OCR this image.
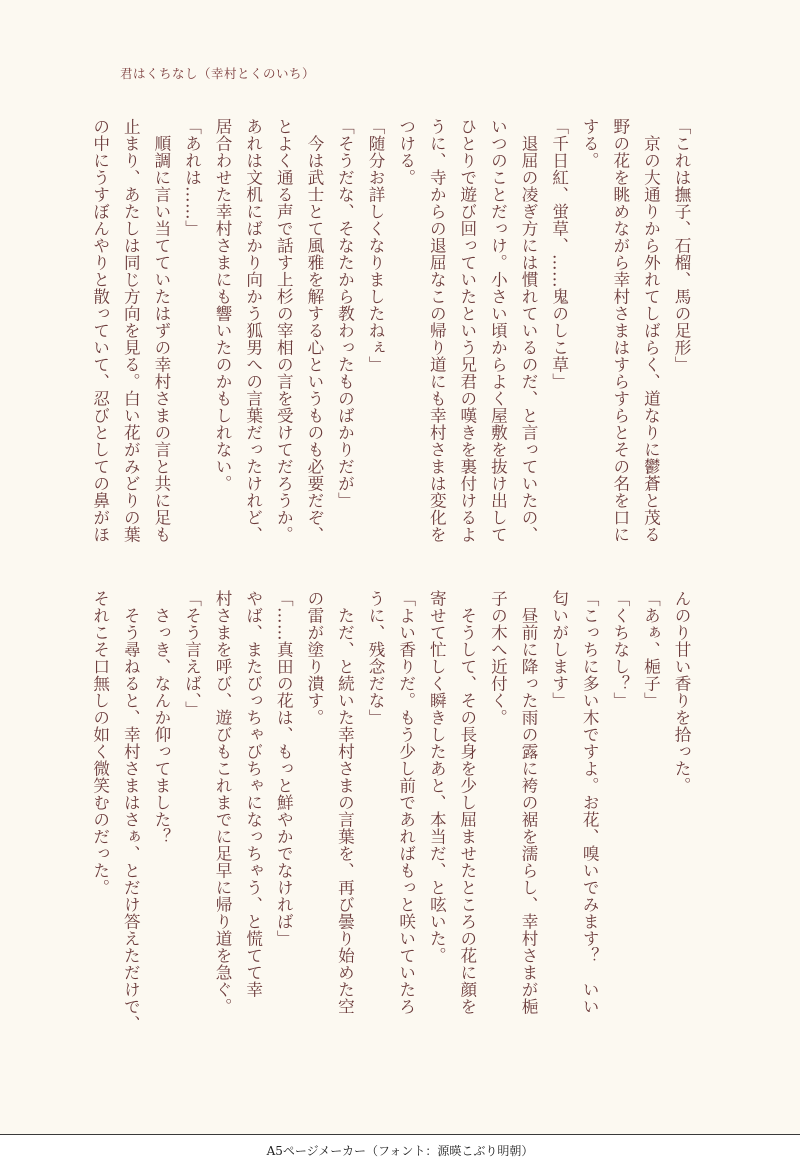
君はくちなし（幸村とくのいち）
「これは撫子、石榴、馬の足形」
　京の大通りから外れてしばらく、道なりに鬱蒼と茂る
野の花を眺めながら幸村さまはすらすらとその名を口に
する。
「千日紅、蛍草、……鬼のしこ草」
　退屈の凌ぎ方には慣れているのだ、と言っていたの、
いつのことだっけ。小さい頃からよく屋敷を抜け出して
ひとりで遊び回っていたという兄君の嘆きを裏付けるよ
うに、寺からの退屈なこの帰り道にも幸村さまは変化を
つける。
「随分お詳しくなりましたねぇ」
「そうだな、そなたから教わったものばかりだが」
　今は武士とて風雅を解する心というものも必要だぞ、
とよく通る声で話す上杉の宰相の言を受けてだろうか。
あれは文机にばかり向かう狐男への言葉だったけれど、
居合わせた幸村さまにも響いたのかもしれない。
「あれは……」
　順調に言い当てていたはずの幸村さまの言と共に足も
止まり、あたしは同じ方向を見る。白い花がみどりの葉
の中にうすぼんやりと散っていて、忍びとしての鼻がほ
んのり甘い香りを拾った。
「あぁ、梔子」
「くちなし？」
「こっちに多い木ですよ。お花、嗅いでみます？　いい
匂いがします」
　昼前に降った雨の露に袴の裾を濡らし、幸村さまが梔
子の木へ近付く。
　そうして、その長身を少し屈ませたところの花に顔を
寄せて忙しく瞬きしたあと、本当だ、と呟いた。
「よい香りだ。もう少し前であればもっと咲いていたろ
うに、残念だな」
　ただ、と続いた幸村さまの言葉を、再び曇り始めた空
の雷が塗り潰す。
「……真田の花は、もっと鮮やかでなければ」
やば、またびっちゃびちゃになっちゃう、と慌てて幸
村さまを呼び、遊びもこれまでに足早に帰り道を急ぐ。
「そう言えば、」
　さっき、なんか仰ってました？
　そう尋ねると、幸村さまはさぁ、とだけ答えただけで、
それこそ口無しの如く微笑むのだった。
A5ページメーカー（フォント：源暎こぶり明朝）
